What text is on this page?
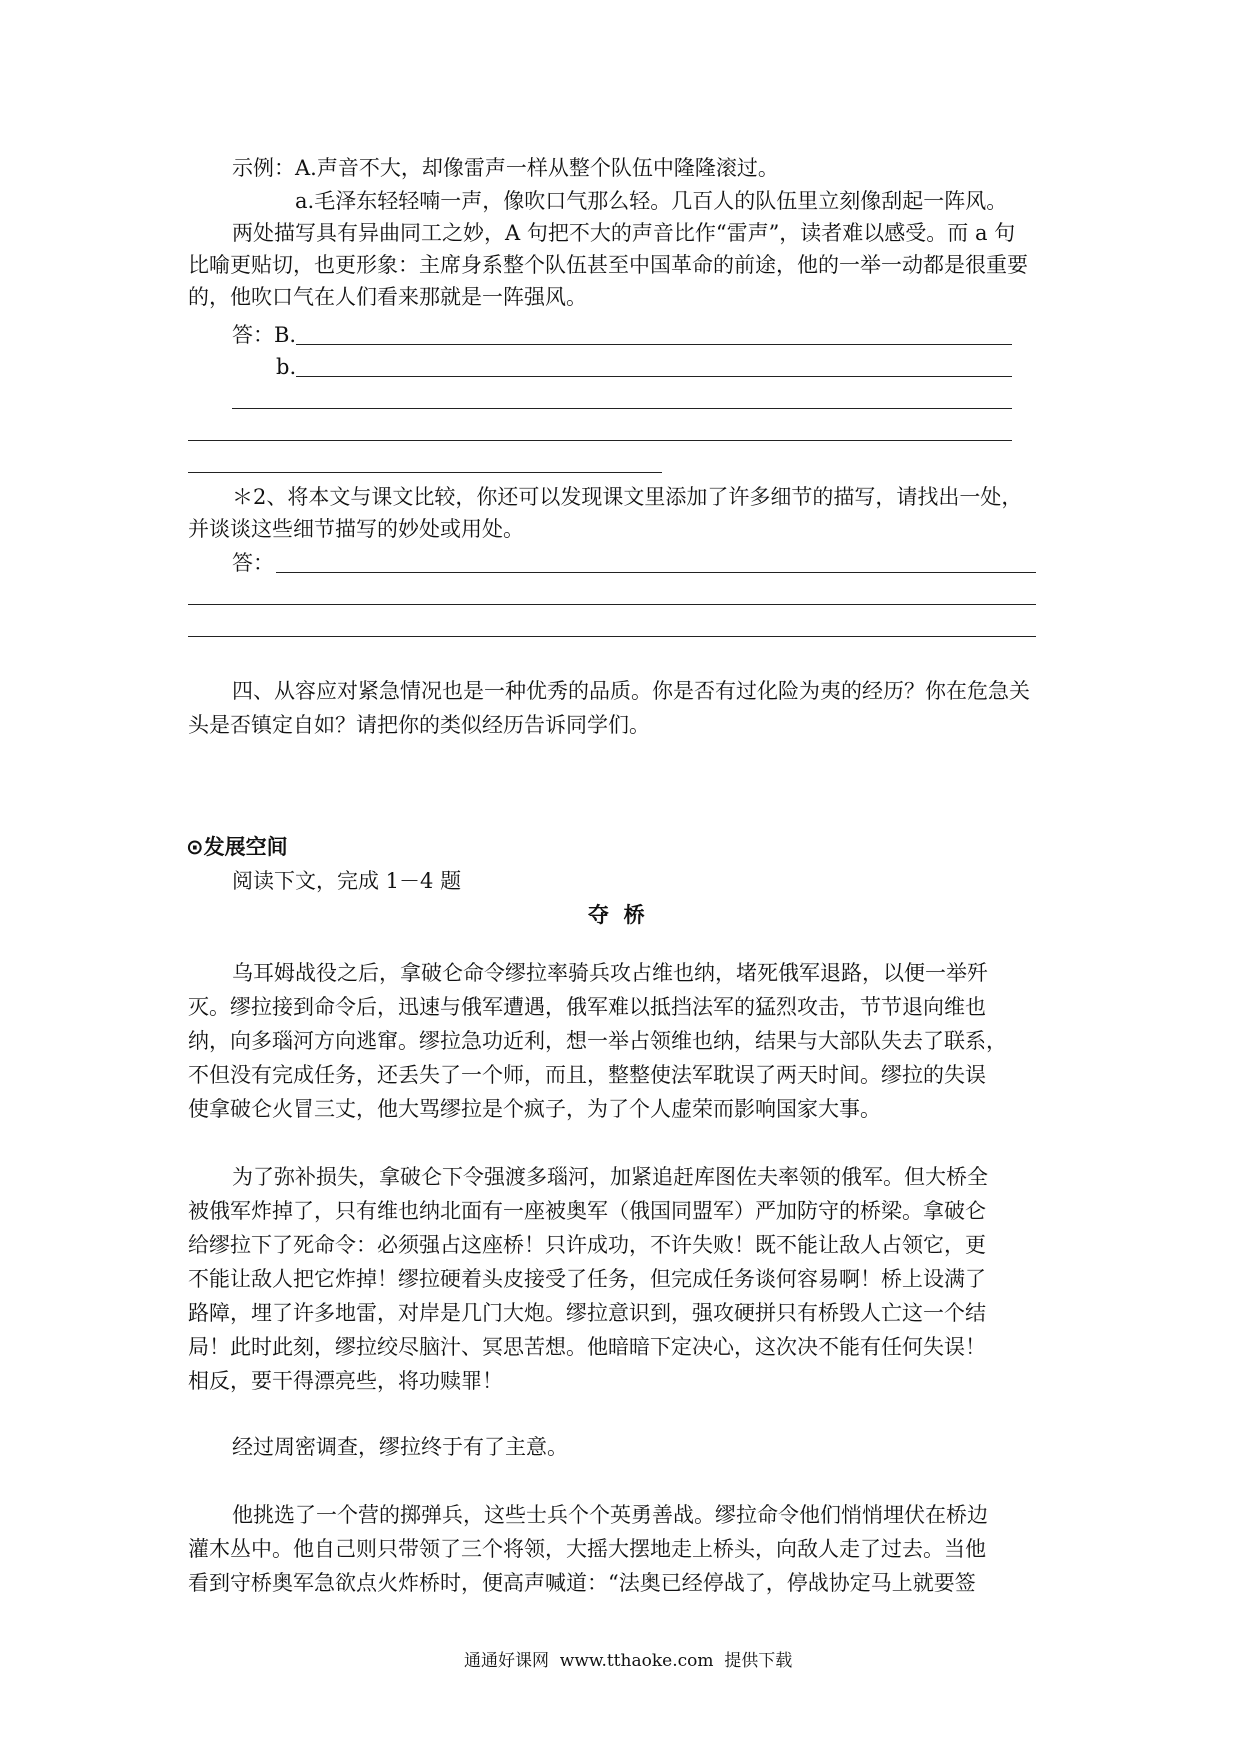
示例：A.声音不大，却像雷声一样从整个队伍中隆隆滚过。
a.毛泽东轻轻喃一声，像吹口气那么轻。几百人的队伍里立刻像刮起一阵风。
两处描写具有异曲同工之妙，A 句把不大的声音比作“雷声”，读者难以感受。而 a 句
比喻更贴切，也更形象：主席身系整个队伍甚至中国革命的前途，他的一举一动都是很重要
的，他吹口气在人们看来那就是一阵强风。
答：B.
b.
＊2、将本文与课文比较，你还可以发现课文里添加了许多细节的描写，请找出一处，
并谈谈这些细节描写的妙处或用处。
答：
四、从容应对紧急情况也是一种优秀的品质。你是否有过化险为夷的经历？你在危急关
头是否镇定自如？请把你的类似经历告诉同学们。
⊙发展空间
阅读下文，完成 1－4 题
夺  桥
乌耳姆战役之后，拿破仑命令缪拉率骑兵攻占维也纳，堵死俄军退路，以便一举歼
灭。缪拉接到命令后，迅速与俄军遭遇，俄军难以抵挡法军的猛烈攻击，节节退向维也
纳，向多瑙河方向逃窜。缪拉急功近利，想一举占领维也纳，结果与大部队失去了联系，
不但没有完成任务，还丢失了一个师，而且，整整使法军耽误了两天时间。缪拉的失误
使拿破仑火冒三丈，他大骂缪拉是个疯子，为了个人虚荣而影响国家大事。
为了弥补损失，拿破仑下令强渡多瑙河，加紧追赶库图佐夫率领的俄军。但大桥全
被俄军炸掉了，只有维也纳北面有一座被奥军（俄国同盟军）严加防守的桥梁。拿破仑
给缪拉下了死命令：必须强占这座桥！只许成功，不许失败！既不能让敌人占领它，更
不能让敌人把它炸掉！缪拉硬着头皮接受了任务，但完成任务谈何容易啊！桥上设满了
路障，埋了许多地雷，对岸是几门大炮。缪拉意识到，强攻硬拼只有桥毁人亡这一个结
局！此时此刻，缪拉绞尽脑汁、冥思苦想。他暗暗下定决心，这次决不能有任何失误！
相反，要干得漂亮些，将功赎罪！
经过周密调查，缪拉终于有了主意。
他挑选了一个营的掷弹兵，这些士兵个个英勇善战。缪拉命令他们悄悄埋伏在桥边
灌木丛中。他自己则只带领了三个将领，大摇大摆地走上桥头，向敌人走了过去。当他
看到守桥奥军急欲点火炸桥时，便高声喊道：“法奥已经停战了，停战协定马上就要签
通通好课网  www.tthaoke.com  提供下载
